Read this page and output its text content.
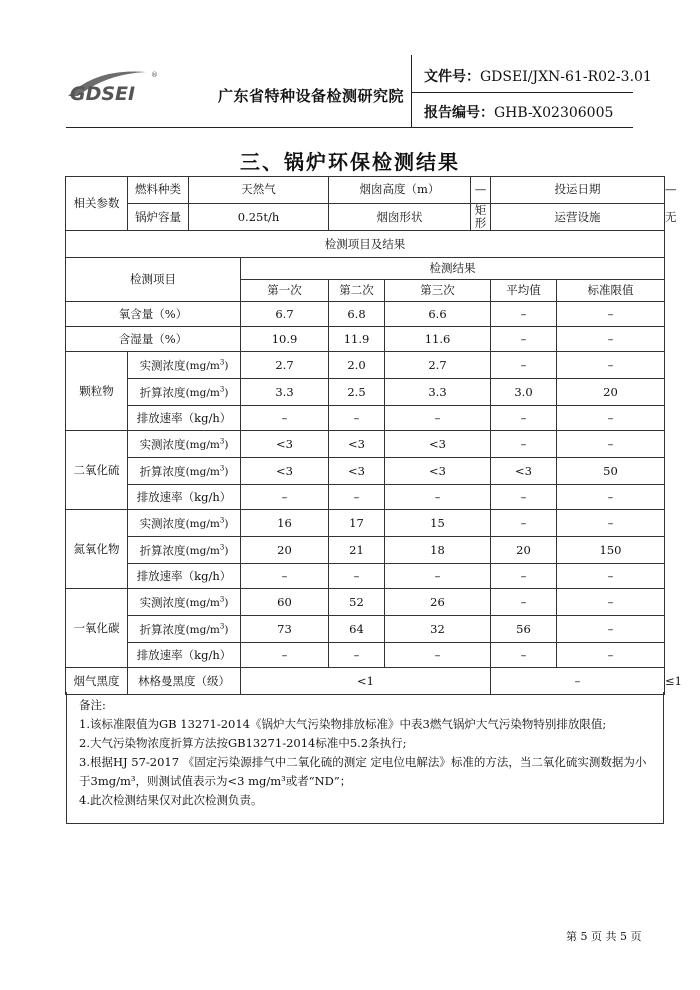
GDSEI
®
广东省特种设备检测研究院
文件号：GDSEI/JXN-61-R02-3.01
报告编号：GHB-X02306005
三、锅炉环保检测结果
相关参数	燃料种类	天然气		烟囱高度（m）		—	投运日期		—
	锅炉容量	0.25t/h		烟囱形状		矩形	运营设施		无
检测项目及结果									
检测项目			检测结果						
			第一次	第二次	第三次		平均值	标准限值	
氧含量（%）			6.7	6.8	6.6		–	–	
含湿量（%）			10.9	11.9	11.6		–	–	
颗粒物	实测浓度$(mg/m^3)$		2.7	2.0	2.7		–	–	
	折算浓度$(mg/m^3)$		3.3	2.5	3.3		3.0	20	
	排放速率（kg/h）		–	–	–		–	–	
二氧化硫	实测浓度$(mg/m^3)$		<3	<3	<3		–	–	
	折算浓度$(mg/m^3)$		<3	<3	<3		<3	50	
	排放速率（kg/h）		–	–	–		–	–	
氮氧化物	实测浓度$(mg/m^3)$		16	17	15		–	–	
	折算浓度$(mg/m^3)$		20	21	18		20	150	
	排放速率（kg/h）		–	–	–		–	–	
一氧化碳	实测浓度$(mg/m^3)$		60	52	26		–	–	
	折算浓度$(mg/m^3)$		73	64	32		56	–	
	排放速率（kg/h）		–	–	–		–	–	
烟气黑度	林格曼黑度（级）		<1				–		≤1
备注:
1.该标准限值为GB 13271-2014《锅炉大气污染物排放标准》中表3燃气锅炉大气污染物特别排放限值;
2.大气污染物浓度折算方法按GB13271-2014标准中5.2条执行;
3.根据HJ 57-2017 《固定污染源排气中二氧化硫的测定 定电位电解法》标准的方法，当二氧化硫实测数据为小于3mg/m³，则测试值表示为<3 mg/m³或者“ND”；
4.此次检测结果仅对此次检测负责。
第 5 页 共 5 页
